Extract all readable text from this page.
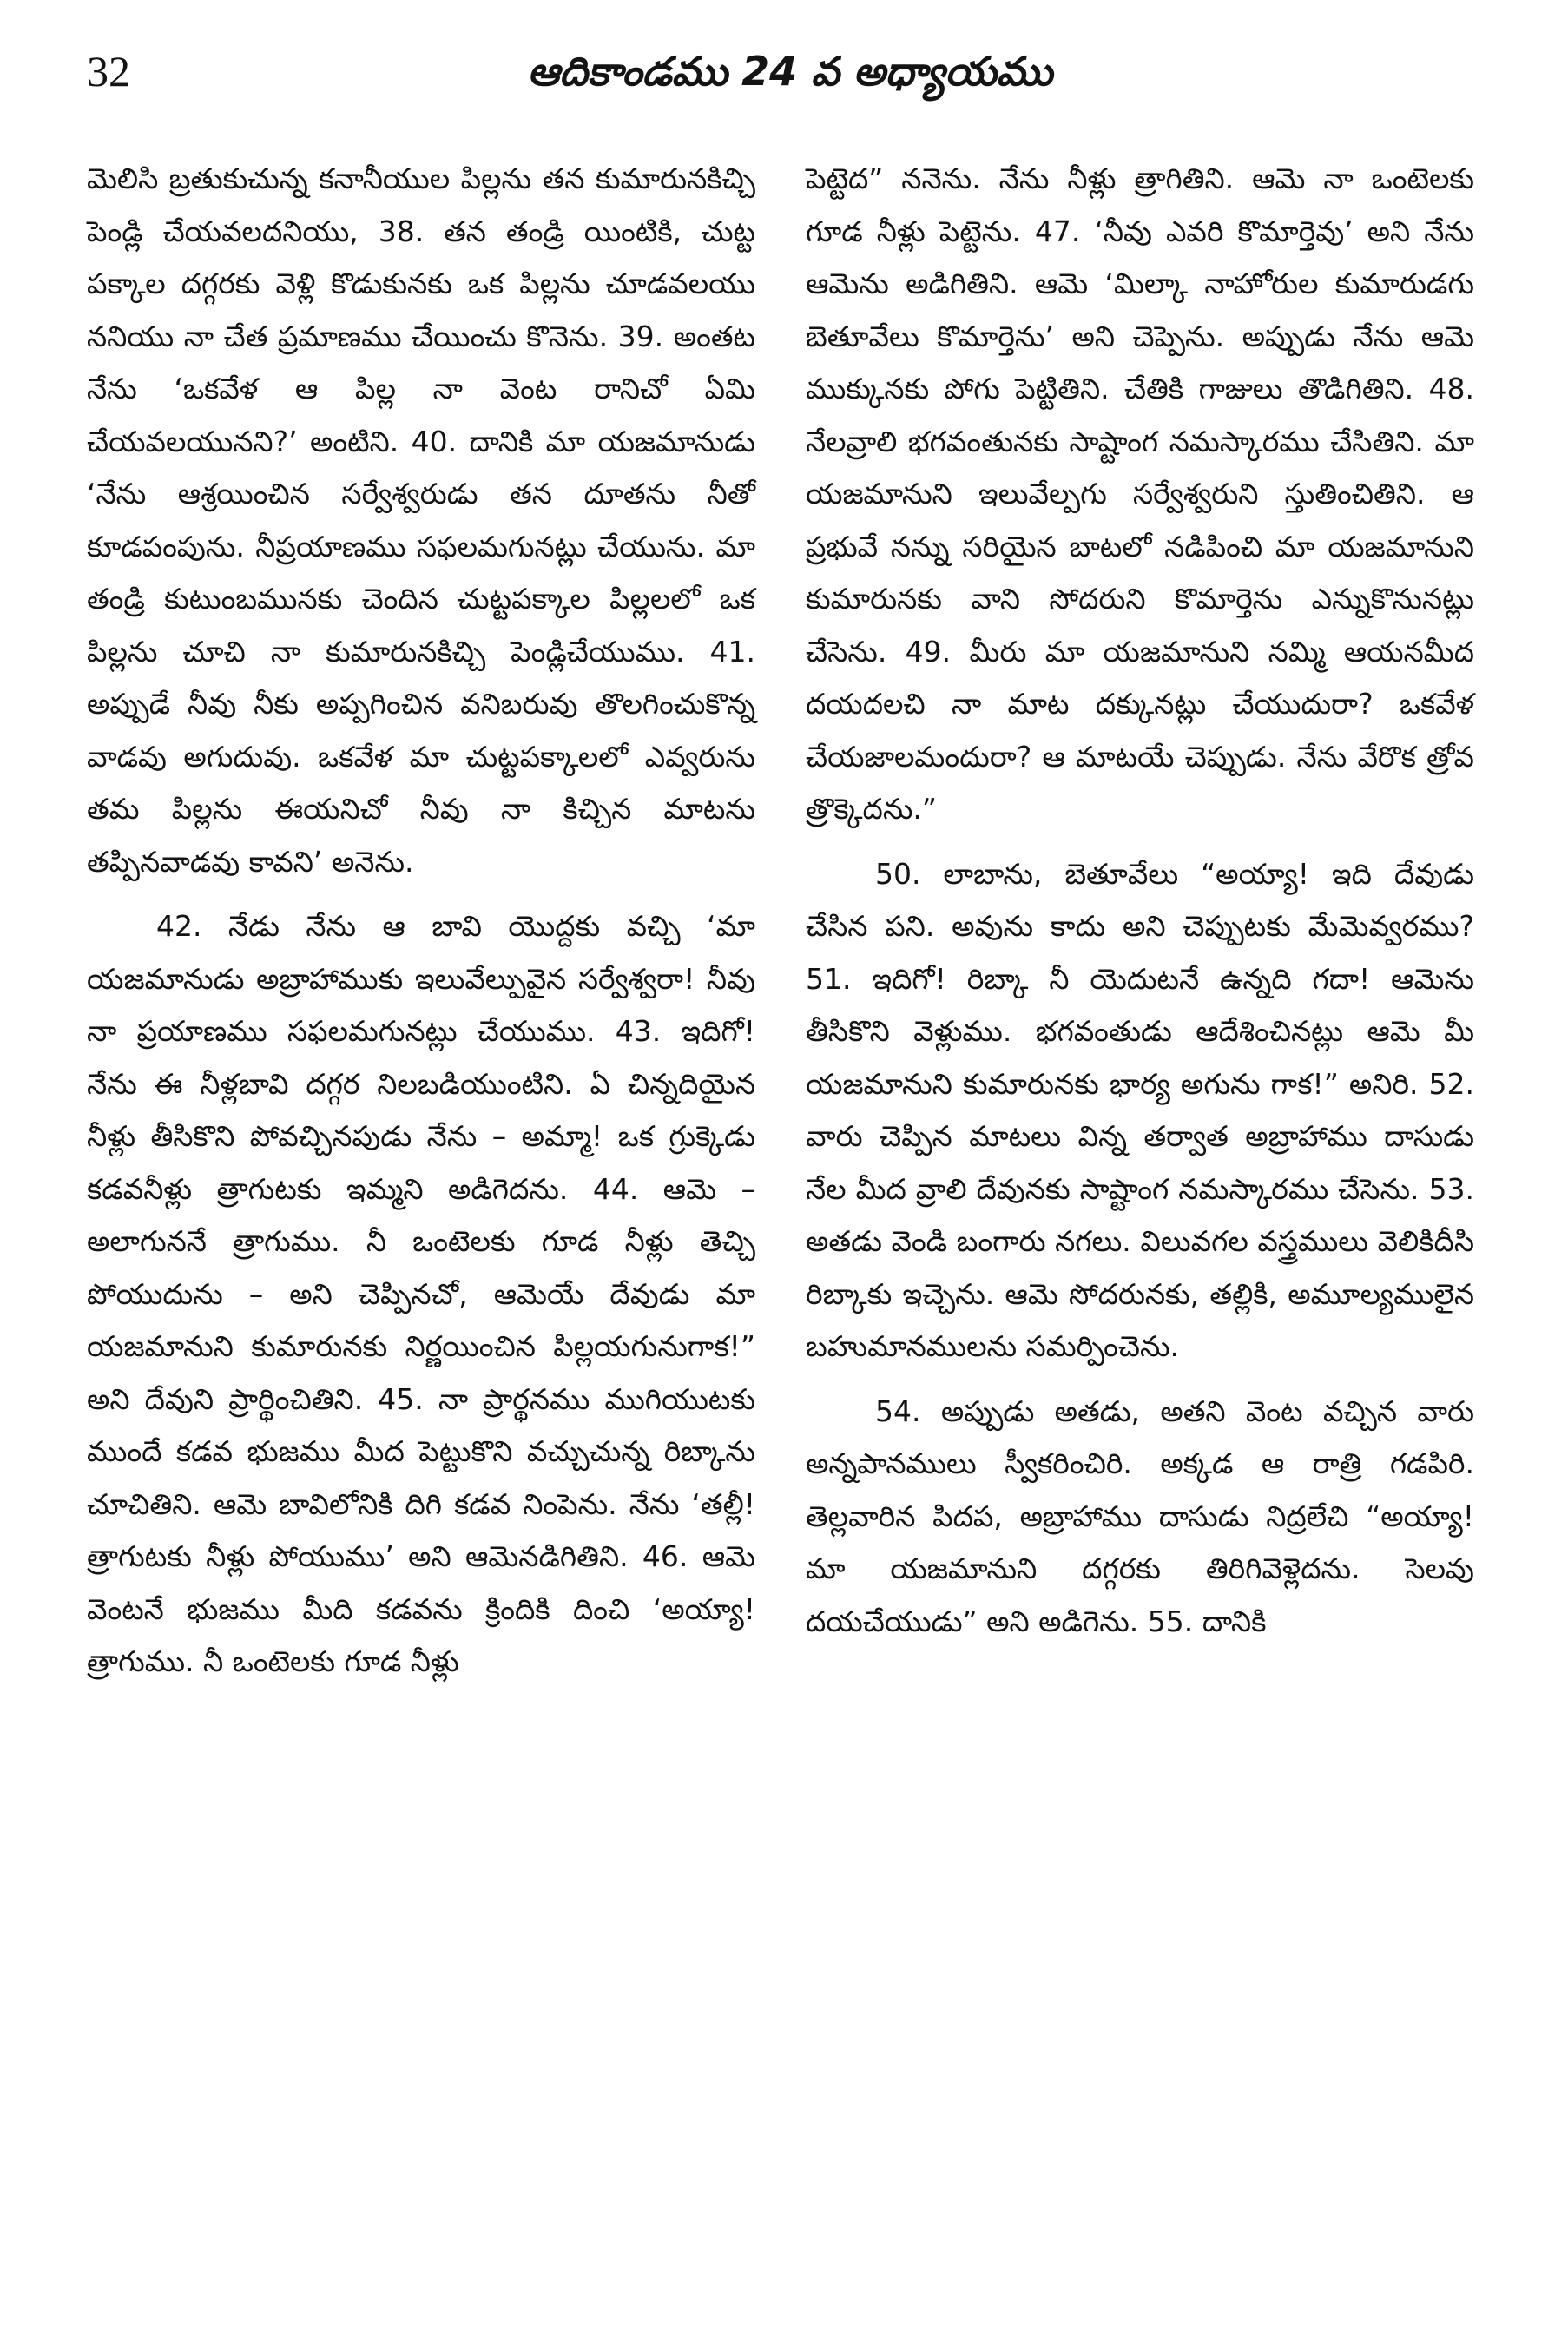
32	ఆదికాండము 24 వ అధ్యాయము

మెలిసి బ్రతుకుచున్న కనానీయుల పిల్లను తన కుమారునకిచ్చి పెండ్లి చేయవలదనియు, 38. తన తండ్రి యింటికి, చుట్ట పక్కాల దగ్గరకు వెళ్లి కొడుకునకు ఒక పిల్లను చూడవలయు ననియు నా చేత ప్రమాణము చేయించు కొనెను. 39. అంతట నేను ‘ఒకవేళ ఆ పిల్ల నా వెంట రానిచో ఏమి చేయవలయునని?’ అంటిని. 40. దానికి మా యజమానుడు ‘నేను ఆశ్రయించిన సర్వేశ్వరుడు తన దూతను నీతో కూడపంపును. నీప్రయాణము సఫలమగునట్లు చేయును. మా తండ్రి కుటుంబమునకు చెందిన చుట్టపక్కాల పిల్లలలో ఒక పిల్లను చూచి నా కుమారునకిచ్చి పెండ్లిచేయుము. 41. అప్పుడే నీవు నీకు అప్పగించిన వనిబరువు తొలగించుకొన్న వాడవు అగుదువు. ఒకవేళ మా చుట్టపక్కాలలో ఎవ్వరును తమ పిల్లను ఈయనిచో నీవు నా కిచ్చిన మాటను తప్పినవాడవు కావని’ అనెను.

42. నేడు నేను ఆ బావి యొద్దకు వచ్చి ‘మా యజమానుడు అబ్రాహాముకు ఇలువేల్పువైన సర్వేశ్వరా! నీవు నా ప్రయాణము సఫలమగునట్లు చేయుము. 43. ఇదిగో! నేను ఈ నీళ్లబావి దగ్గర నిలబడియుంటిని. ఏ చిన్నదియైన నీళ్లు తీసికొని పోవచ్చినపుడు నేను – అమ్మా! ఒక గ్రుక్కెడు కడవనీళ్లు త్రాగుటకు ఇమ్మని అడిగెదను. 44. ఆమె – అలాగుననే త్రాగుము. నీ ఒంటెలకు గూడ నీళ్లు తెచ్చి పోయుదును – అని చెప్పినచో, ఆమెయే దేవుడు మా యజమానుని కుమారునకు నిర్ణయించిన పిల్లయగునుగాక!” అని దేవుని ప్రార్థించితిని. 45. నా ప్రార్థనము ముగియుటకు ముందే కడవ భుజము మీద పెట్టుకొని వచ్చుచున్న రిబ్కాను చూచితిని. ఆమె బావిలోనికి దిగి కడవ నింపెను. నేను ‘తల్లీ! త్రాగుటకు నీళ్లు పోయుము’ అని ఆమెనడిగితిని. 46. ఆమె వెంటనే భుజము మీది కడవను క్రిందికి దించి ‘అయ్యా! త్రాగుము. నీ ఒంటెలకు గూడ నీళ్లు

పెట్టెద” ననెను. నేను నీళ్లు త్రాగితిని. ఆమె నా ఒంటెలకు గూడ నీళ్లు పెట్టెను. 47. ‘నీవు ఎవరి కొమార్తెవు’ అని నేను ఆమెను అడిగితిని. ఆమె ‘మిల్కా నాహోరుల కుమారుడగు బెతూవేలు కొమార్తెను’ అని చెప్పెను. అప్పుడు నేను ఆమె ముక్కునకు పోగు పెట్టితిని. చేతికి గాజులు తొడిగితిని. 48. నేలవ్రాలి భగవంతునకు సాష్టాంగ నమస్కారము చేసితిని. మా యజమానుని ఇలువేల్పగు సర్వేశ్వరుని స్తుతించితిని. ఆ ప్రభువే నన్ను సరియైన బాటలో నడిపించి మా యజమానుని కుమారునకు వాని సోదరుని కొమార్తెను ఎన్నుకొనునట్లు చేసెను. 49. మీరు మా యజమానుని నమ్మి ఆయనమీద దయదలచి నా మాట దక్కునట్లు చేయుదురా? ఒకవేళ చేయజాలమందురా? ఆ మాటయే చెప్పుడు. నేను వేరొక త్రోవ త్రొక్కెదను.”

50. లాబాను, బెతూవేలు “అయ్యా! ఇది దేవుడు చేసిన పని. అవును కాదు అని చెప్పుటకు మేమెవ్వరము? 51. ఇదిగో! రిబ్కా నీ యెదుటనే ఉన్నది గదా! ఆమెను తీసికొని వెళ్లుము. భగవంతుడు ఆదేశించినట్లు ఆమె మీ యజమానుని కుమారునకు భార్య అగును గాక!” అనిరి. 52. వారు చెప్పిన మాటలు విన్న తర్వాత అబ్రాహాము దాసుడు నేల మీద వ్రాలి దేవునకు సాష్టాంగ నమస్కారము చేసెను. 53. అతడు వెండి బంగారు నగలు. విలువగల వస్త్రములు వెలికిదీసి రిబ్కాకు ఇచ్చెను. ఆమె సోదరునకు, తల్లికి, అమూల్యములైన బహుమానములను సమర్పించెను.

54. అప్పుడు అతడు, అతని వెంట వచ్చిన వారు అన్నపానములు స్వీకరించిరి. అక్కడ ఆ రాత్రి గడపిరి. తెల్లవారిన పిదప, అబ్రాహాము దాసుడు నిద్రలేచి “అయ్యా! మా యజమానుని దగ్గరకు తిరిగివెళ్లెదను. సెలవు దయచేయుడు” అని అడిగెను. 55. దానికి
